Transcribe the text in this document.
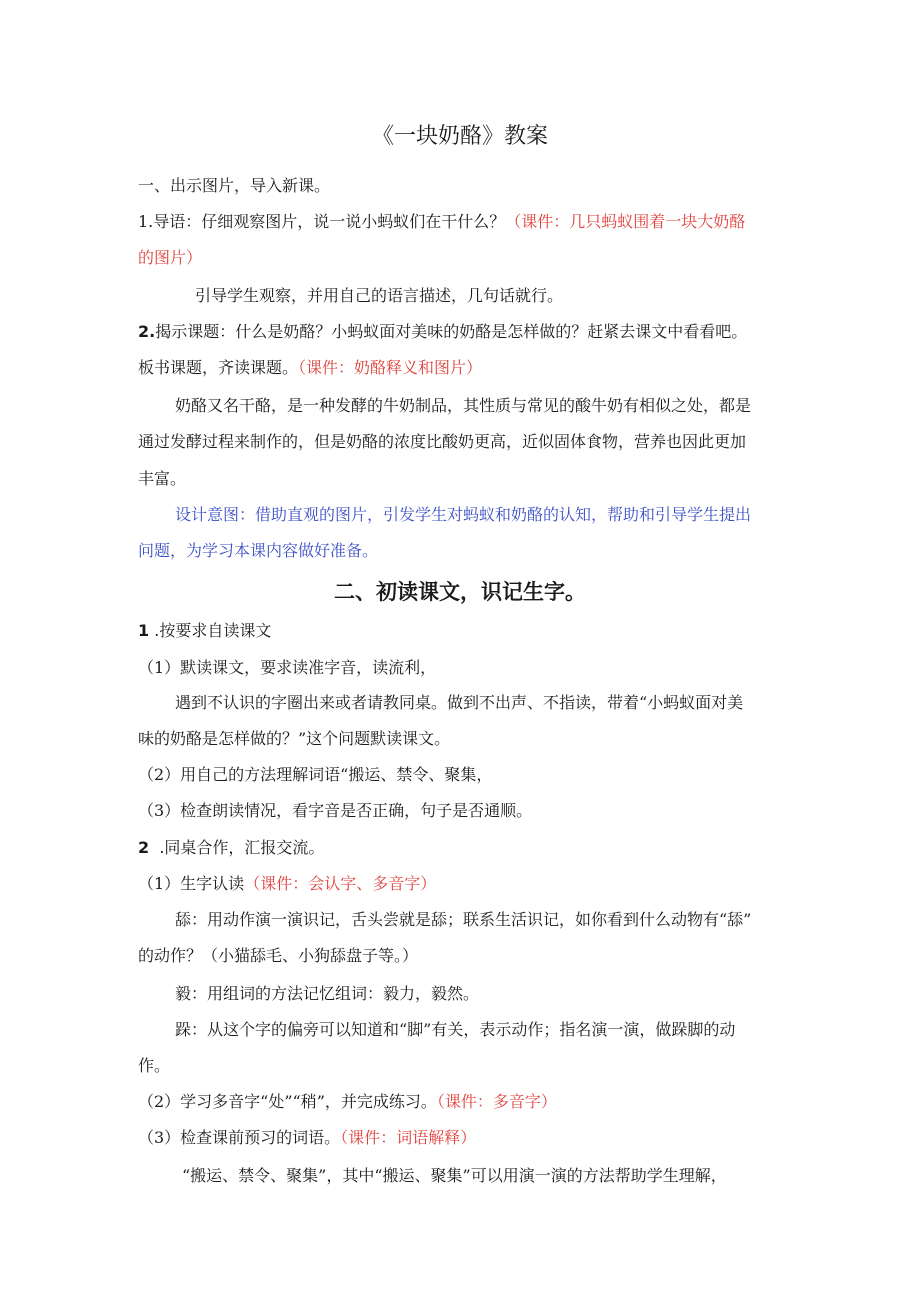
《一块奶酪》教案
一、出示图片，导入新课。
1.导语：仔细观察图片，说一说小蚂蚁们在干什么？（课件：几只蚂蚁围着一块大奶酪
的图片）
引导学生观察，并用自己的语言描述，几句话就行。
2.揭示课题：什么是奶酪？小蚂蚁面对美味的奶酪是怎样做的？赶紧去课文中看看吧。
板书课题，齐读课题。（课件：奶酪释义和图片）
奶酪又名干酪，是一种发酵的牛奶制品，其性质与常见的酸牛奶有相似之处，都是
通过发酵过程来制作的，但是奶酪的浓度比酸奶更高，近似固体食物，营养也因此更加
丰富。
设计意图：借助直观的图片，引发学生对蚂蚁和奶酪的认知，帮助和引导学生提出
问题，为学习本课内容做好准备。
二、初读课文，识记生字。
1 .按要求自读课文
（1）默读课文，要求读准字音，读流利，
遇到不认识的字圈出来或者请教同桌。做到不出声、不指读，带着“小蚂蚁面对美
味的奶酪是怎样做的？”这个问题默读课文。
（2）用自己的方法理解词语“搬运、禁令、聚集，
（3）检查朗读情况，看字音是否正确，句子是否通顺。
2 .同桌合作，汇报交流。
（1）生字认读（课件：会认字、多音字）
舔：用动作演一演识记，舌头尝就是舔；联系生活识记，如你看到什么动物有“舔”
的动作？（小猫舔毛、小狗舔盘子等。）
毅：用组词的方法记忆组词：毅力，毅然。
跺：从这个字的偏旁可以知道和“脚”有关，表示动作；指名演一演，做跺脚的动
作。
（2）学习多音字“处”“稍”，并完成练习。（课件：多音字）
（3）检查课前预习的词语。（课件：词语解释）
“搬运、禁令、聚集”，其中“搬运、聚集”可以用演一演的方法帮助学生理解，
